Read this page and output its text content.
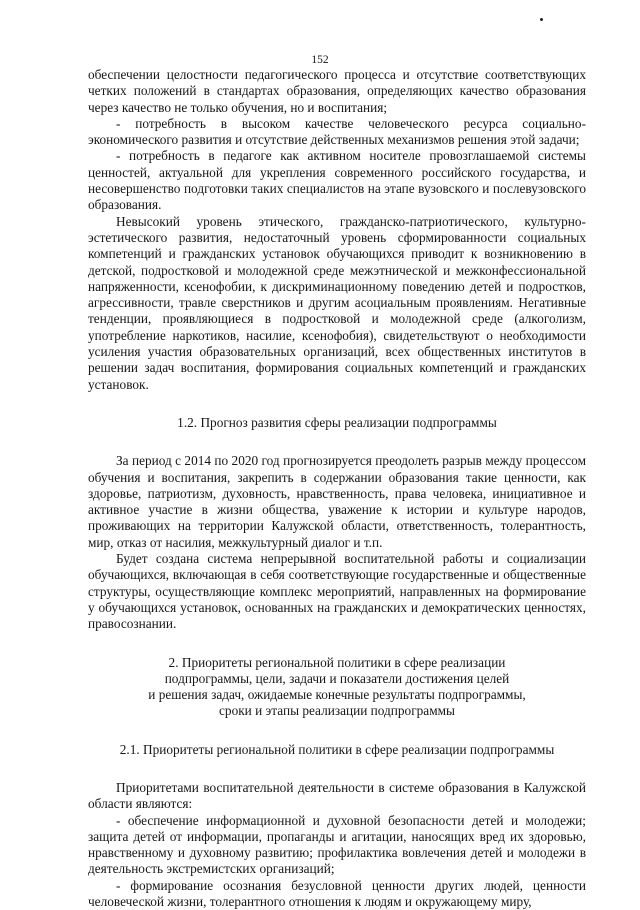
152

обеспечении целостности педагогического процесса и отсутствие соответствующих четких положений в стандартах образования, определяющих качество образования через качество не только обучения, но и воспитания;

- потребность в высоком качестве человеческого ресурса социально-экономического развития и отсутствие действенных механизмов решения этой задачи;

- потребность в педагоге как активном носителе провозглашаемой системы ценностей, актуальной для укрепления современного российского государства, и несовершенство подготовки таких специалистов на этапе вузовского и послевузовского образования.

Невысокий уровень этического, гражданско-патриотического, культурно-эстетического развития, недостаточный уровень сформированности социальных компетенций и гражданских установок обучающихся приводит к возникновению в детской, подростковой и молодежной среде межэтнической и межконфессиональной напряженности, ксенофобии, к дискриминационному поведению детей и подростков, агрессивности, травле сверстников и другим асоциальным проявлениям. Негативные тенденции, проявляющиеся в подростковой и молодежной среде (алкоголизм, употребление наркотиков, насилие, ксенофобия), свидетельствуют о необходимости усиления участия образовательных организаций, всех общественных институтов в решении задач воспитания, формирования социальных компетенций и гражданских установок.

1.2. Прогноз развития сферы реализации подпрограммы

За период с 2014 по 2020 год прогнозируется преодолеть разрыв между процессом обучения и воспитания, закрепить в содержании образования такие ценности, как здоровье, патриотизм, духовность, нравственность, права человека, инициативное и активное участие в жизни общества, уважение к истории и культуре народов, проживающих на территории Калужской области, ответственность, толерантность, мир, отказ от насилия, межкультурный диалог и т.п.

Будет создана система непрерывной воспитательной работы и социализации обучающихся, включающая в себя соответствующие государственные и общественные структуры, осуществляющие комплекс мероприятий, направленных на формирование у обучающихся установок, основанных на гражданских и демократических ценностях, правосознании.

2. Приоритеты региональной политики в сфере реализации

подпрограммы, цели, задачи и показатели достижения целей

и решения задач, ожидаемые конечные результаты подпрограммы,

сроки и этапы реализации подпрограммы

2.1. Приоритеты региональной политики в сфере реализации подпрограммы

Приоритетами воспитательной деятельности в системе образования в Калужской области являются:

- обеспечение информационной и духовной безопасности детей и молодежи; защита детей от информации, пропаганды и агитации, наносящих вред их здоровью, нравственному и духовному развитию; профилактика вовлечения детей и молодежи в деятельность экстремистских организаций;

- формирование осознания безусловной ценности других людей, ценности человеческой жизни, толерантного отношения к людям и окружающему миру,
